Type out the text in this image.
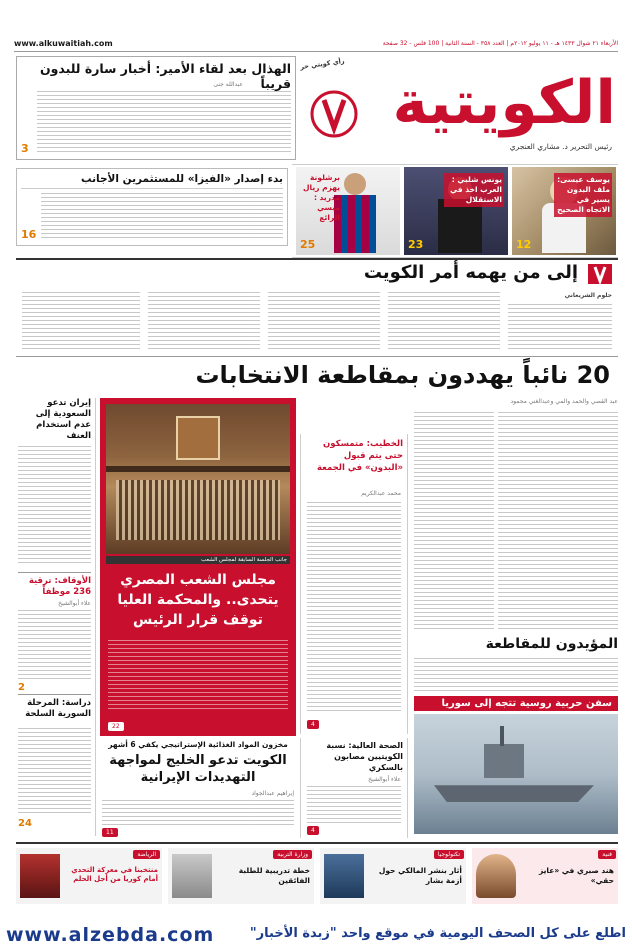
www.alkuwaitiah.com	الأربعاء ٢١ شوال ١٤٣٣ هـ - ١١ يوليو ٢٠١٢م | العدد ٣٥٨ - السنة الثانية | 100 فلس - 32 صفحة
الهذال بعد لقاء الأمير: أخبار سارة للبدون قريباً
عبدالله جنى
3
رأي كويتي حر
الكويتية
رئيس التحرير د. مشاري العنجري
يوسف عيسى: ملف البدون يسير في الاتجاه الصحيح
12
يونس شلبي : العرب اخذ في الاستقلال
23
برشلونة يهزم ريال مدريد : ميسي الرائع
25
بدء إصدار «الفيزا» للمستثمرين الأجانب
16
إلى من يهمه أمر الكويت
حلوم الشريعاني
20 نائباً يهددون بمقاطعة الانتخابات
عبد القصي والحمد والمي وعبدالغني محمود
المؤيدون للمقاطعة
الخطيب: متمسكون حتى يتم قبول «البدون» في الجمعة
محمد عبدالكريم
4
جانب الجلسة السابقة لمجلس الشعب
مجلس الشعب المصري يتحدى.. والمحكمة العليا توقف قرار الرئيس
22
إيران تدعو السعودية إلى عدم استخدام العنف
الأوقاف: ترقية 236 موظفاً
علاء أبوالشيخ
2
دراسة: المرحلة السورية السلحة
24
سفن حربية روسية تتجه إلى سوريا
الصحة العالية: نسبة الكويتيين مصابون بالسكري
علاء أبوالشيخ
4
مخزون المواد الغذائية الإستراتيجي يكفي 6 أشهر
الكويت تدعو الخليج لمواجهة التهديدات الإيرانية
إبراهيم عبدالجواد
11
فنية
هند صبري في «عايز حقي»
تكنولوجيا
أثار بنشر المالكي حول أزمة بشار
وزارة التربية
خطة تدريبية للطلبة الفائقين
الرياضة
منتخبنا في معركة التحدي أمام كوريا من أجل الحلم
www.alzebda.com	اطلع على كل الصحف اليومية في موقع واحد "زبدة الأخبار"
